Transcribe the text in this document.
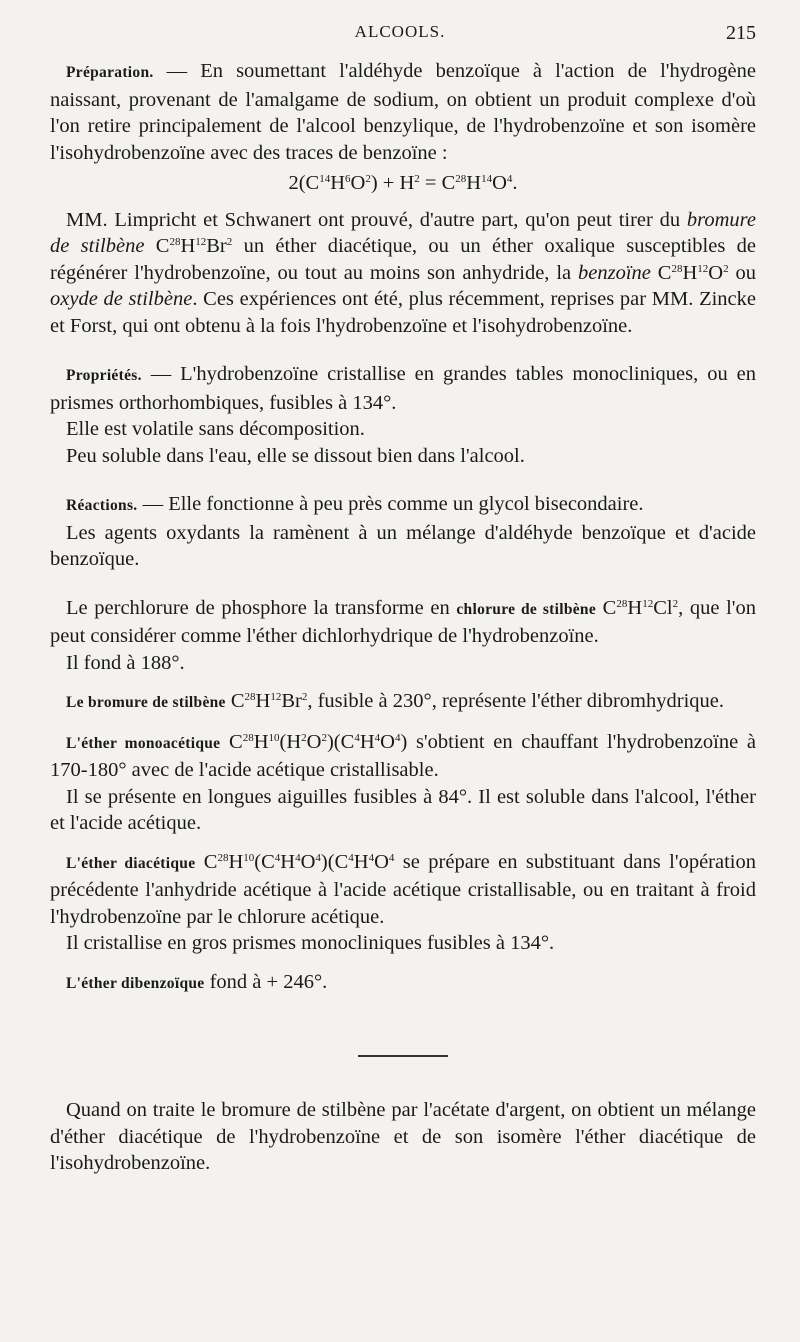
ALCOOLS.	215

Préparation. — En soumettant l'aldéhyde benzoïque à l'action de l'hydrogène naissant, provenant de l'amalgame de sodium, on obtient un produit complexe d'où l'on retire principalement de l'alcool benzylique, de l'hydrobenzoïne et son isomère l'isohydrobenzoïne avec des traces de benzoïne :

$2(C^{14}H^6O^2) + H^2 = C^{28}H^{14}O^4$.

MM. Limpricht et Schwanert ont prouvé, d'autre part, qu'on peut tirer du bromure de stilbène $C^{28}H^{12}Br^2$ un éther diacétique, ou un éther oxalique susceptibles de régénérer l'hydrobenzoïne, ou tout au moins son anhydride, la benzoïne $C^{28}H^{12}O^2$ ou oxyde de stilbène. Ces expériences ont été, plus récemment, reprises par MM. Zincke et Forst, qui ont obtenu à la fois l'hydrobenzoïne et l'isohydrobenzoïne.

Propriétés. — L'hydrobenzoïne cristallise en grandes tables monocliniques, ou en prismes orthorhombiques, fusibles à 134°.

Elle est volatile sans décomposition.

Peu soluble dans l'eau, elle se dissout bien dans l'alcool.

Réactions. — Elle fonctionne à peu près comme un glycol bisecondaire.

Les agents oxydants la ramènent à un mélange d'aldéhyde benzoïque et d'acide benzoïque.

Le perchlorure de phosphore la transforme en chlorure de stilbène $C^{28}H^{12}Cl^2$, que l'on peut considérer comme l'éther dichlorhydrique de l'hydrobenzoïne.

Il fond à 188°.

Le bromure de stilbène $C^{28}H^{12}Br^2$, fusible à 230°, représente l'éther dibromhydrique.

L'éther monoacétique $C^{28}H^{10}(H^2O^2)(C^4H^4O^4)$ s'obtient en chauffant l'hydrobenzoïne à 170-180° avec de l'acide acétique cristallisable.

Il se présente en longues aiguilles fusibles à 84°. Il est soluble dans l'alcool, l'éther et l'acide acétique.

L'éther diacétique $C^{28}H^{10}(C^4H^4O^4)(C^4H^4O^4$ se prépare en substituant dans l'opération précédente l'anhydride acétique à l'acide acétique cristallisable, ou en traitant à froid l'hydrobenzoïne par le chlorure acétique.

Il cristallise en gros prismes monocliniques fusibles à 134°.

L'éther dibenzoïque fond à + 246°.

Quand on traite le bromure de stilbène par l'acétate d'argent, on obtient un mélange d'éther diacétique de l'hydrobenzoïne et de son isomère l'éther diacétique de l'isohydrobenzoïne.
